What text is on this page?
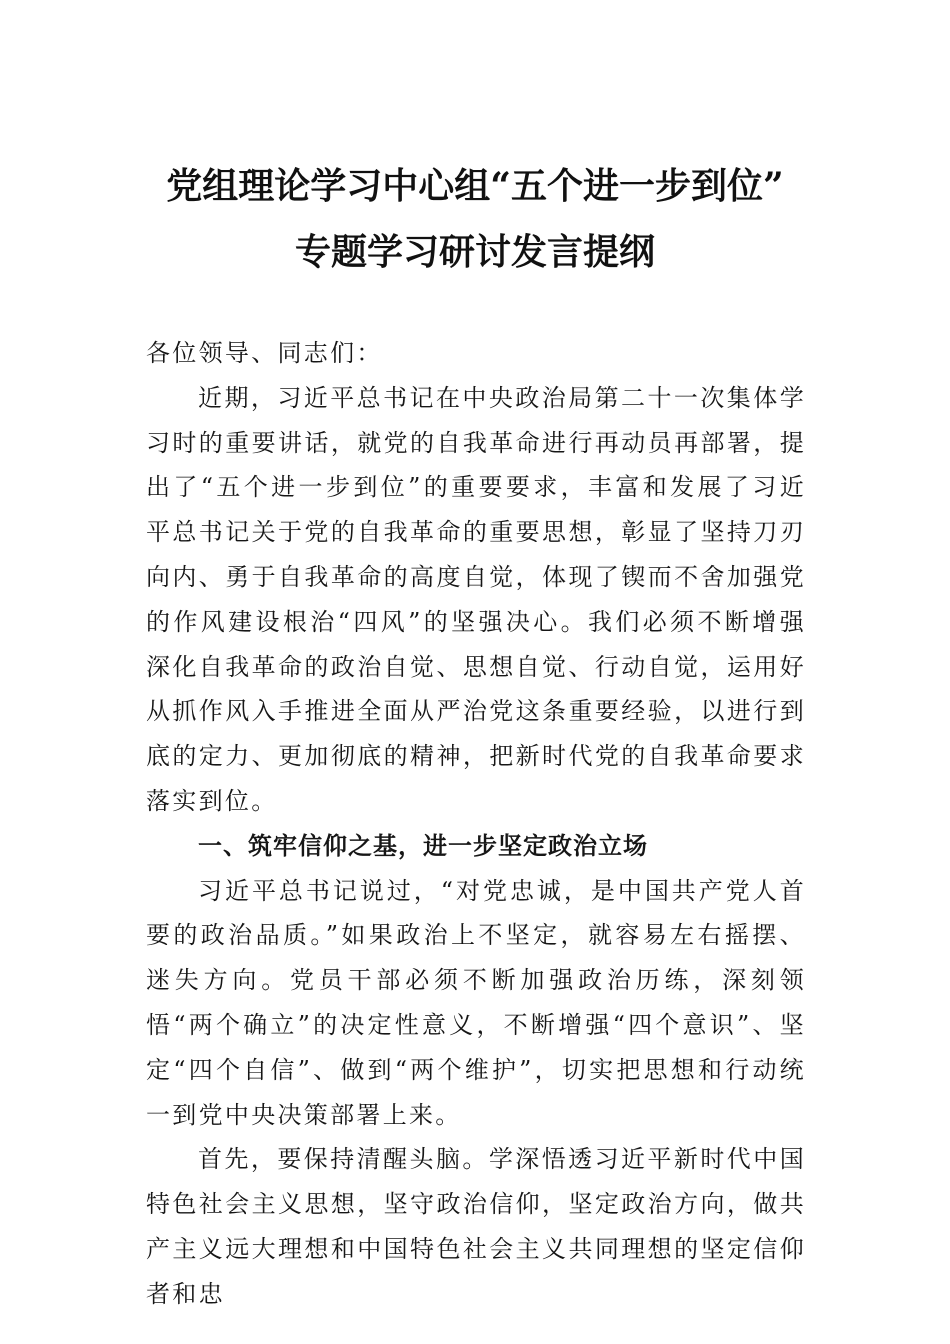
党组理论学习中心组“五个进一步到位”
专题学习研讨发言提纲

各位领导、同志们：

近期，习近平总书记在中央政治局第二十一次集体学习时的重要讲话，就党的自我革命进行再动员再部署，提出了“五个进一步到位”的重要要求，丰富和发展了习近平总书记关于党的自我革命的重要思想，彰显了坚持刀刃向内、勇于自我革命的高度自觉，体现了锲而不舍加强党的作风建设根治“四风”的坚强决心。我们必须不断增强深化自我革命的政治自觉、思想自觉、行动自觉，运用好从抓作风入手推进全面从严治党这条重要经验，以进行到底的定力、更加彻底的精神，把新时代党的自我革命要求落实到位。

一、筑牢信仰之基，进一步坚定政治立场

习近平总书记说过，“对党忠诚，是中国共产党人首要的政治品质。”如果政治上不坚定，就容易左右摇摆、迷失方向。党员干部必须不断加强政治历练，深刻领悟“两个确立”的决定性意义，不断增强“四个意识”、坚定“四个自信”、做到“两个维护”，切实把思想和行动统一到党中央决策部署上来。

首先，要保持清醒头脑。学深悟透习近平新时代中国特色社会主义思想，坚守政治信仰，坚定政治方向，做共产主义远大理想和中国特色社会主义共同理想的坚定信仰者和忠
